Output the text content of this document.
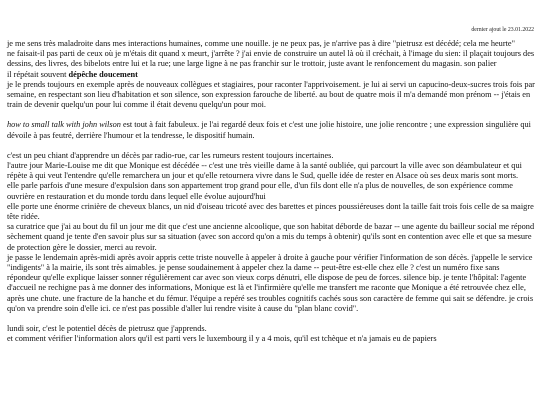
dernier ajout le 23.01.2022

je me sens très maladroite dans mes interactions humaines, comme une nouille. je ne peux pas, je n'arrive pas à dire "pietrusz est décédé; cela me heurte"

ne faisait-il pas parti de ceux où je m'étais dit quand x meurt, j'arrête ? j'ai envie de construire un autel là où il créchait, à l'image du sien: il plaçait toujours des dessins, des livres, des bibelots entre lui et la rue; une large ligne à ne pas franchir sur le trottoir, juste avant le renfoncement du magasin. son palier

il répétait souvent dépêche doucement

je le prends toujours en exemple après de nouveaux collègues et stagiaires, pour raconter l'apprivoisement. je lui ai servi un capucino-deux-sucres trois fois par semaine, en respectant son lieu d'habitation et son silence, son expression farouche de liberté. au bout de quatre mois il m'a demandé mon prénom -- j'étais en train de devenir quelqu'un pour lui comme il était devenu quelqu'un pour moi.

how to small talk with john wilson est tout à fait fabuleux. je l'ai regardé deux fois et c'est une jolie histoire, une jolie rencontre ; une expression singulière qui dévoile à pas feutré, derrière l'humour et la tendresse, le dispositif humain.

c'est un peu chiant d'apprendre un décès par radio-rue, car les rumeurs restent toujours incertaines.

l'autre jour Marie-Louise me dit que Monique est décédée -- c'est une très vieille dame à la santé oubliée, qui parcourt la ville avec son déambulateur et qui répète à qui veut l'entendre qu'elle remarchera un jour et qu'elle retournera vivre dans le Sud, quelle idée de rester en Alsace où ses deux maris sont morts.

elle parle parfois d'une mesure d'expulsion dans son appartement trop grand pour elle, d'un fils dont elle n'a plus de nouvelles, de son expérience comme ouvrière en restauration et du monde tordu dans lequel elle évolue aujourd'hui

elle porte une énorme crinière de cheveux blancs, un nid d'oiseau tricoté avec des barettes et pinces poussiéreuses dont la taille fait trois fois celle de sa maigre tête ridée.

sa curatrice que j'ai au bout du fil un jour me dit que c'est une ancienne alcoolique, que son habitat déborde de bazar -- une agente du bailleur social me répond sèchement quand je tente d'en savoir plus sur sa situation (avec son accord qu'on a mis du temps à obtenir) qu'ils sont en contention avec elle et que sa mesure de protection gère le dossier, merci au revoir.

je passe le lendemain après-midi après avoir appris cette triste nouvelle à appeler à droite à gauche pour vérifier l'information de son décès. j'appelle le service "indigents" à la mairie, ils sont très aimables. je pense soudainement à appeler chez la dame -- peut-être est-elle chez elle ? c'est un numéro fixe sans répondeur qu'elle explique laisser sonner régulièrement car avec son vieux corps dénutri, elle dispose de peu de forces. silence bip. je tente l'hôpital: l'agente d'accueil ne rechigne pas à me donner des informations, Monique est là et l'infirmière qu'elle me transfert me raconte que Monique a été retrouvée chez elle, après une chute. une fracture de la hanche et du fémur. l'équipe a repéré ses troubles cognitifs cachés sous son caractère de femme qui sait se défendre. je crois qu'on va prendre soin d'elle ici. ce n'est pas possible d'aller lui rendre visite à cause du "plan blanc covid".

lundi soir, c'est le potentiel décès de pietrusz que j'apprends.

et comment vérifier l'information alors qu'il est parti vers le luxembourg il y a 4 mois, qu'il est tchèque et n'a jamais eu de papiers
